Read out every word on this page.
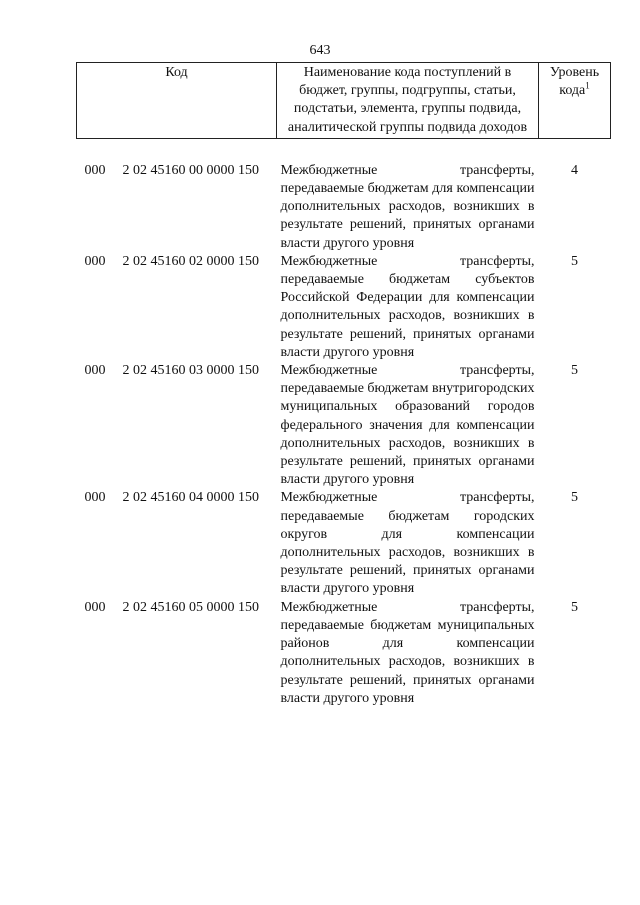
643
Код	Наименование кода поступлений в бюджет, группы, подгруппы, статьи, подстатьи, элемента, группы подвида, аналитической группы подвида доходов	Уровень кода$^1$

000 2 02 45160 00 0000 150	Межбюджетные трансферты, передаваемые бюджетам для компенсации дополнительных расходов, возникших в результате решений, принятых органами власти другого уровня	4
000 2 02 45160 02 0000 150	Межбюджетные трансферты, передаваемые бюджетам субъектов Российской Федерации для компенсации дополнительных расходов, возникших в результате решений, принятых органами власти другого уровня	5
000 2 02 45160 03 0000 150	Межбюджетные трансферты, передаваемые бюджетам внутригородских муниципальных образований городов федерального значения для компенсации дополнительных расходов, возникших в результате решений, принятых органами власти другого уровня	5
000 2 02 45160 04 0000 150	Межбюджетные трансферты, передаваемые бюджетам городских округов для компенсации дополнительных расходов, возникших в результате решений, принятых органами власти другого уровня	5
000 2 02 45160 05 0000 150	Межбюджетные трансферты, передаваемые бюджетам муниципальных районов для компенсации дополнительных расходов, возникших в результате решений, принятых органами власти другого уровня	5
